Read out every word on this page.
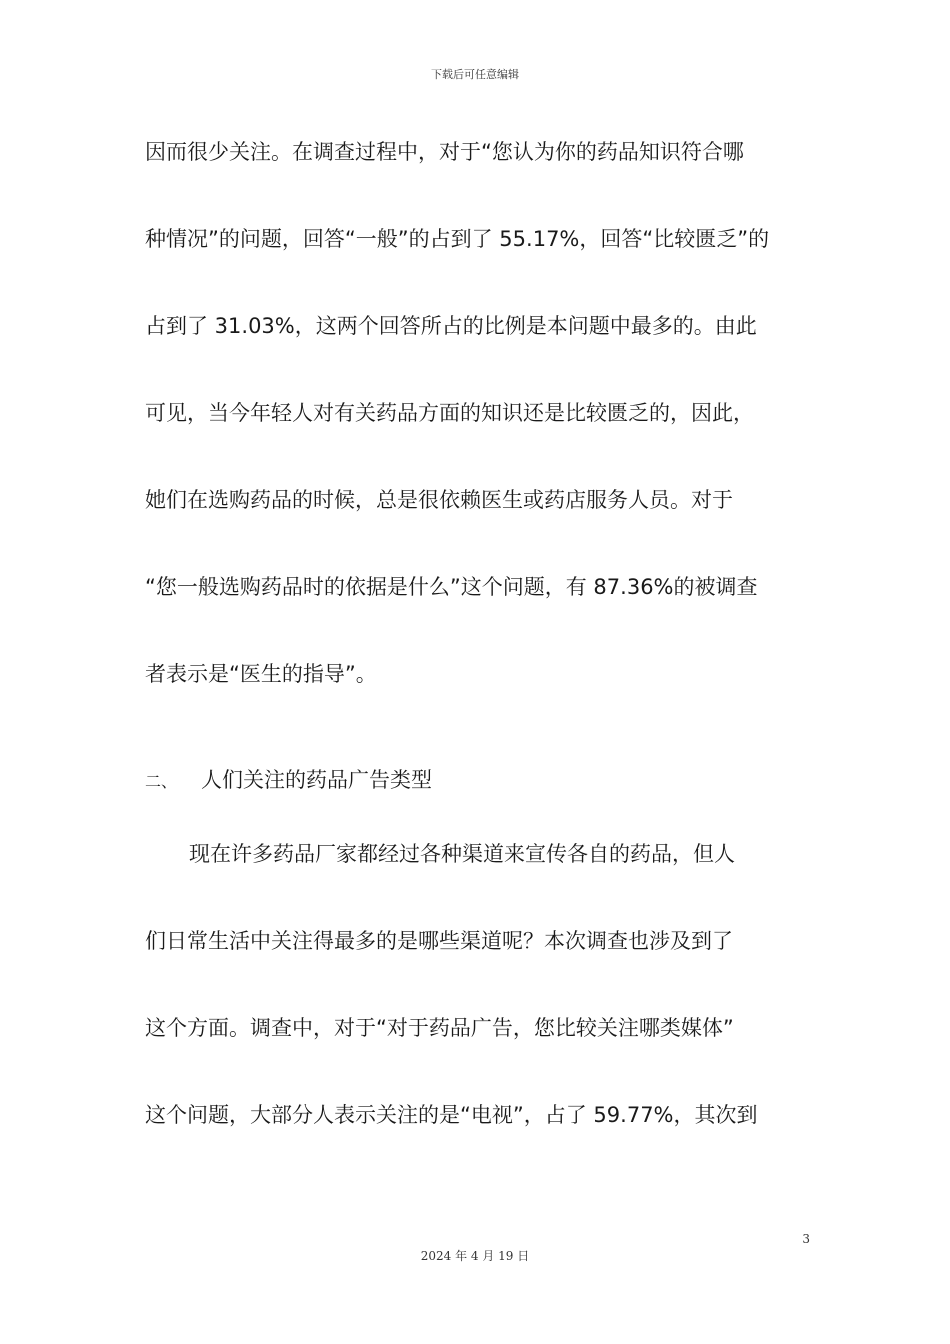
下载后可任意编辑

因而很少关注。在调查过程中，对于“您认为你的药品知识符合哪

种情况”的问题，回答“一般”的占到了 55.17%，回答“比较匮乏”的

占到了 31.03%，这两个回答所占的比例是本问题中最多的。由此

可见，当今年轻人对有关药品方面的知识还是比较匮乏的，因此，

她们在选购药品的时候，总是很依赖医生或药店服务人员。对于

“您一般选购药品时的依据是什么”这个问题，有 87.36%的被调查

者表示是“医生的指导”。

二、 人们关注的药品广告类型

现在许多药品厂家都经过各种渠道来宣传各自的药品，但人

们日常生活中关注得最多的是哪些渠道呢？本次调查也涉及到了

这个方面。调查中，对于“对于药品广告，您比较关注哪类媒体”

这个问题，大部分人表示关注的是“电视”，占了 59.77%，其次到

3
2024 年 4 月 19 日
